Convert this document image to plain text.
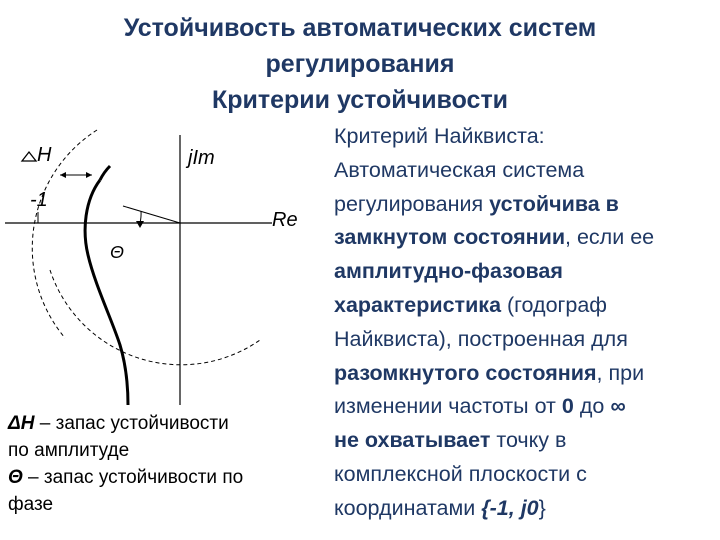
Устойчивость автоматических систем
регулирования
Критерии устойчивости
H
-1
jIm
Re
Θ
ΔH – запас устойчивости
по амплитуде
Θ – запас устойчивости по
фазе
Критерий Найквиста:
Автоматическая система
регулирования устойчива в
замкнутом состоянии, если ее
амплитудно-фазовая
характеристика (годограф
Найквиста), построенная для
разомкнутого состояния, при
изменении частоты от 0 до ∞
не охватывает точку в
комплексной плоскости с
координатами {-1, j0}
